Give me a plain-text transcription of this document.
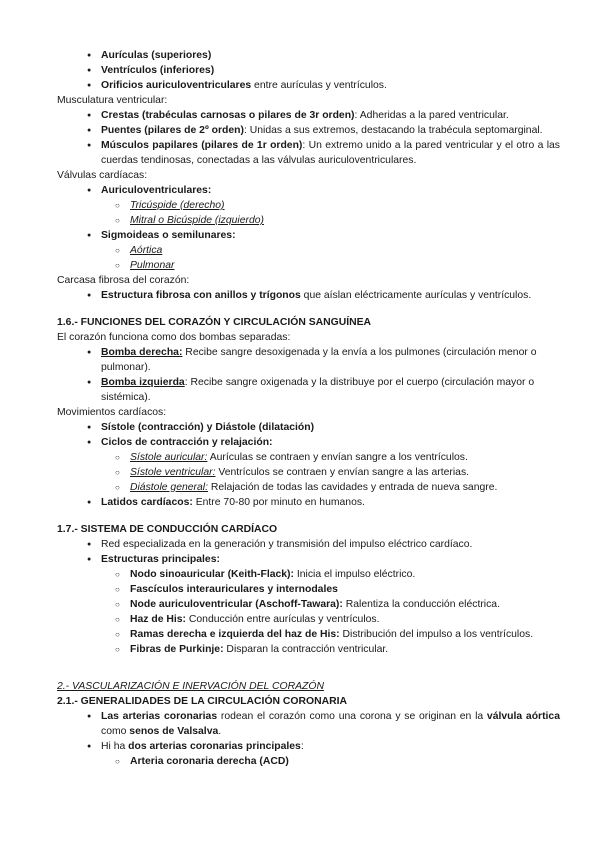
● Aurículas (superiores)
● Ventrículos (inferiores)
● Orificios auriculoventriculares entre aurículas y ventrículos.
Musculatura ventricular:
● Crestas (trabéculas carnosas o pilares de 3r orden): Adheridas a la pared ventricular.
● Puentes (pilares de 2º orden): Unidas a sus extremos, destacando la trabécula septomarginal.
● Músculos papilares (pilares de 1r orden): Un extremo unido a la pared ventricular y el otro a las cuerdas tendinosas, conectadas a las válvulas auriculoventriculares.
Válvulas cardíacas:
● Auriculoventriculares:
○ Tricúspide (derecho)
○ Mitral o Bicúspide (izquierdo)
● Sigmoideas o semilunares:
○ Aórtica
○ Pulmonar
Carcasa fibrosa del corazón:
● Estructura fibrosa con anillos y trígonos que aíslan eléctricamente aurículas y ventrículos.
1.6.- FUNCIONES DEL CORAZÓN Y CIRCULACIÓN SANGUÍNEA
El corazón funciona como dos bombas separadas:
● Bomba derecha: Recibe sangre desoxigenada y la envía a los pulmones (circulación menor o pulmonar).
● Bomba izquierda: Recibe sangre oxigenada y la distribuye por el cuerpo (circulación mayor o sistémica).
Movimientos cardíacos:
● Sístole (contracción) y Diástole (dilatación)
● Ciclos de contracción y relajación:
○ Sístole auricular: Aurículas se contraen y envían sangre a los ventrículos.
○ Sístole ventricular: Ventrículos se contraen y envían sangre a las arterias.
○ Diástole general: Relajación de todas las cavidades y entrada de nueva sangre.
● Latidos cardíacos: Entre 70-80 por minuto en humanos.
1.7.- SISTEMA DE CONDUCCIÓN CARDÍACO
● Red especializada en la generación y transmisión del impulso eléctrico cardíaco.
● Estructuras principales:
○ Nodo sinoauricular (Keith-Flack): Inicia el impulso eléctrico.
○ Fascículos interauriculares y internodales
○ Node auriculoventricular (Aschoff-Tawara): Ralentiza la conducción eléctrica.
○ Haz de His: Conducción entre aurículas y ventrículos.
○ Ramas derecha e izquierda del haz de His: Distribución del impulso a los ventrículos.
○ Fibras de Purkinje: Disparan la contracción ventricular.
2.- VASCULARIZACIÓN E INERVACIÓN DEL CORAZÓN
2.1.- GENERALIDADES DE LA CIRCULACIÓN CORONARIA
● Las arterias coronarias rodean el corazón como una corona y se originan en la válvula aórtica como senos de Valsalva.
● Hi ha dos arterias coronarias principales:
○ Arteria coronaria derecha (ACD)
